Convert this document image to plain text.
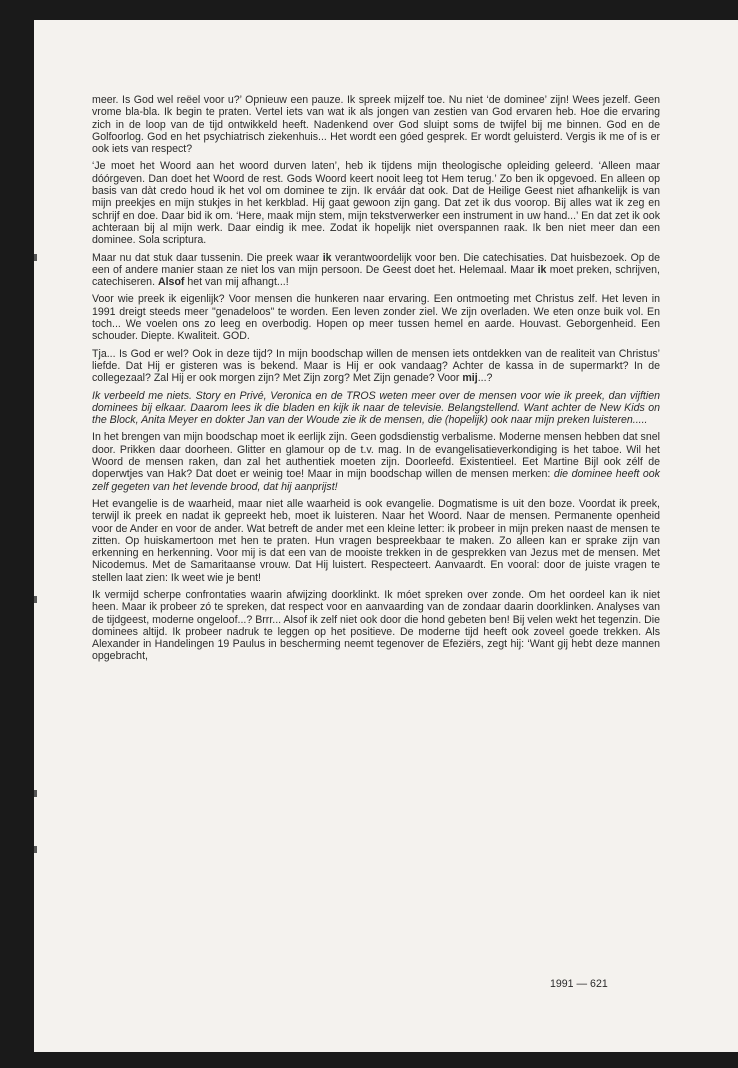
meer. Is God wel reëel voor u?’ Opnieuw een pauze. Ik spreek mijzelf toe. Nu niet ‘de dominee’ zijn! Wees jezelf. Geen vrome bla-bla. Ik begin te praten. Vertel iets van wat ik als jongen van zestien van God ervaren heb. Hoe die ervaring zich in de loop van de tijd ontwikkeld heeft. Nadenkend over God sluipt soms de twijfel bij me binnen. God en de Golfoorlog. God en het psychiatrisch ziekenhuis... Het wordt een góed gesprek. Er wordt geluisterd. Vergis ik me of is er ook iets van respect?

‘Je moet het Woord aan het woord durven laten’, heb ik tijdens mijn theologische opleiding geleerd. ‘Alleen maar dóórgeven. Dan doet het Woord de rest. Gods Woord keert nooit leeg tot Hem terug.’ Zo ben ik opgevoed. En alleen op basis van dàt credo houd ik het vol om dominee te zijn. Ik erváár dat ook. Dat de Heilige Geest niet afhankelijk is van mijn preekjes en mijn stukjes in het kerkblad. Hij gaat gewoon zijn gang. Dat zet ik dus voorop. Bij alles wat ik zeg en schrijf en doe. Daar bid ik om. ‘Here, maak mijn stem, mijn tekstverwerker een instrument in uw hand...’ En dat zet ik ook achteraan bij al mijn werk. Daar eindig ik mee. Zodat ik hopelijk niet overspannen raak. Ik ben niet meer dan een dominee. Sola scriptura.

Maar nu dat stuk daar tussenin. Die preek waar ik verantwoordelijk voor ben. Die catechisaties. Dat huisbezoek. Op de een of andere manier staan ze niet los van mijn persoon. De Geest doet het. Helemaal. Maar ik moet preken, schrijven, catechiseren. Alsof het van mij afhangt...!

Voor wie preek ik eigenlijk? Voor mensen die hunkeren naar ervaring. Een ontmoeting met Christus zelf. Het leven in 1991 dreigt steeds meer "genadeloos" te worden. Een leven zonder ziel. We zijn overladen. We eten onze buik vol. En toch... We voelen ons zo leeg en overbodig. Hopen op meer tussen hemel en aarde. Houvast. Geborgenheid. Een schouder. Diepte. Kwaliteit. GOD.

Tja... Is God er wel? Ook in deze tijd? In mijn boodschap willen de mensen iets ontdekken van de realiteit van Christus’ liefde. Dat Hij er gisteren was is bekend. Maar is Hij er ook vandaag? Achter de kassa in de supermarkt? In de collegezaal? Zal Hij er ook morgen zijn? Met Zijn zorg? Met Zijn genade? Voor mij...?

Ik verbeeld me niets. Story en Privé, Veronica en de TROS weten meer over de mensen voor wie ik preek, dan vijftien dominees bij elkaar. Daarom lees ik die bladen en kijk ik naar de televisie. Belangstellend. Want achter de New Kids on the Block, Anita Meyer en dokter Jan van der Woude zie ik de mensen, die (hopelijk) ook naar mijn preken luisteren.....

In het brengen van mijn boodschap moet ik eerlijk zijn. Geen godsdienstig verbalisme. Moderne mensen hebben dat snel door. Prikken daar doorheen. Glitter en glamour op de t.v. mag. In de evangelisatieverkondiging is het taboe. Wil het Woord de mensen raken, dan zal het authentiek moeten zijn. Doorleefd. Existentieel. Eet Martine Bijl ook zélf de doperwtjes van Hak? Dat doet er weinig toe! Maar in mijn boodschap willen de mensen merken: die dominee heeft ook zelf gegeten van het levende brood, dat hij aanprijst!

Het evangelie is de waarheid, maar niet alle waarheid is ook evangelie. Dogmatisme is uit den boze. Voordat ik preek, terwijl ik preek en nadat ik gepreekt heb, moet ik luisteren. Naar het Woord. Naar de mensen. Permanente openheid voor de Ander en voor de ander. Wat betreft de ander met een kleine letter: ik probeer in mijn preken naast de mensen te zitten. Op huiskamertoon met hen te praten. Hun vragen bespreekbaar te maken. Zo alleen kan er sprake zijn van erkenning en herkenning. Voor mij is dat een van de mooiste trekken in de gesprekken van Jezus met de mensen. Met Nicodemus. Met de Samaritaanse vrouw. Dat Hij luistert. Respecteert. Aanvaardt. En vooral: door de juiste vragen te stellen laat zien: Ik weet wie je bent!

Ik vermijd scherpe confrontaties waarin afwijzing doorklinkt. Ik móet spreken over zonde. Om het oordeel kan ik niet heen. Maar ik probeer zó te spreken, dat respect voor en aanvaarding van de zondaar daarin doorklinken. Analyses van de tijdgeest, moderne ongeloof...? Brrr... Alsof ik zelf niet ook door die hond gebeten ben! Bij velen wekt het tegenzin. Die dominees altijd. Ik probeer nadruk te leggen op het positieve. De moderne tijd heeft ook zoveel goede trekken. Als Alexander in Handelingen 19 Paulus in bescherming neemt tegenover de Efeziërs, zegt hij: ‘Want gij hebt deze mannen opgebracht,

1991 — 621
